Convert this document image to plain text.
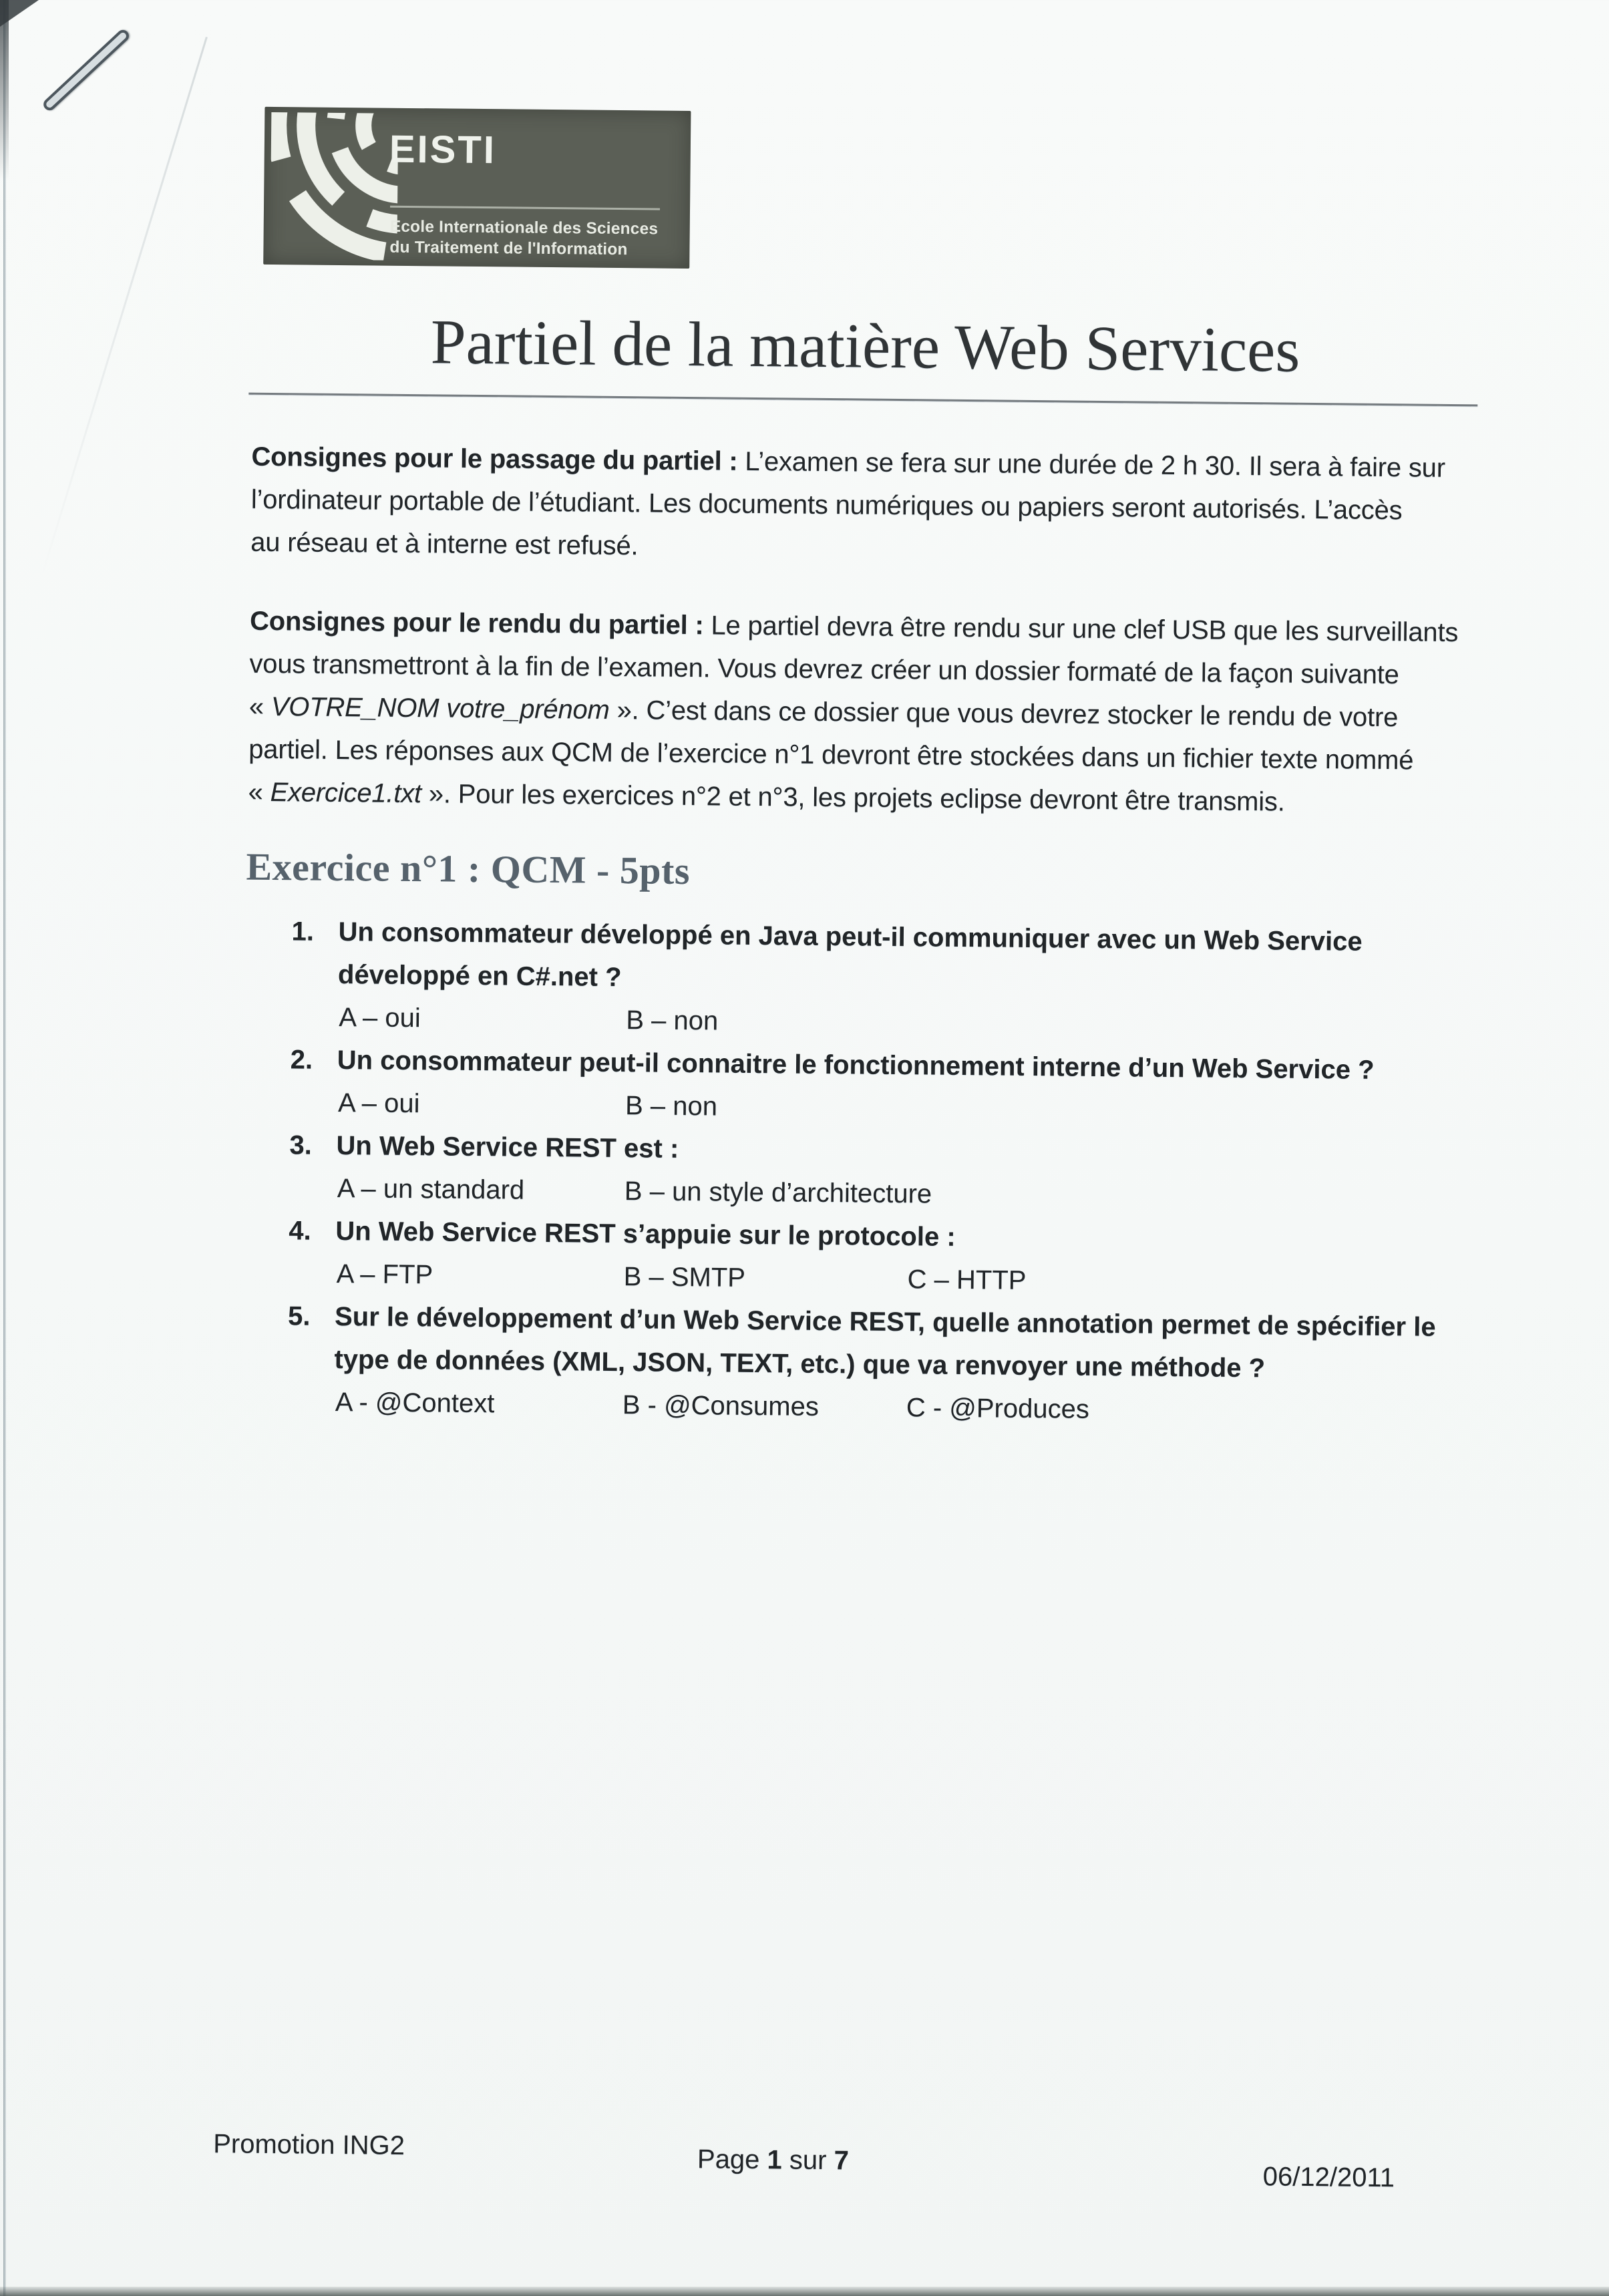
EISTI
Ecole Internationale des Sciences
du Traitement de l'Information
Partiel de la matière Web Services
Consignes pour le passage du partiel : L’examen se fera sur une durée de 2 h 30. Il sera à faire sur
l’ordinateur portable de l’étudiant. Les documents numériques ou papiers seront autorisés. L’accès
au réseau et à interne est refusé.
Consignes pour le rendu du partiel : Le partiel devra être rendu sur une clef USB que les surveillants
vous transmettront à la fin de l’examen. Vous devrez créer un dossier formaté de la façon suivante
« VOTRE_NOM votre_prénom ». C’est dans ce dossier que vous devrez stocker le rendu de votre
partiel. Les réponses aux QCM de l’exercice n°1 devront être stockées dans un fichier texte nommé
« Exercice1.txt ». Pour les exercices n°2 et n°3, les projets eclipse devront être transmis.
Exercice n°1 : QCM - 5pts
1. Un consommateur développé en Java peut-il communiquer avec un Web Service
développé en C#.net ?
A – oui	B – non
2. Un consommateur peut-il connaitre le fonctionnement interne d’un Web Service ?
A – oui	B – non
3. Un Web Service REST est :
A – un standard	B – un style d’architecture
4. Un Web Service REST s’appuie sur le protocole :
A – FTP	B – SMTP	C – HTTP
5. Sur le développement d’un Web Service REST, quelle annotation permet de spécifier le
type de données (XML, JSON, TEXT, etc.) que va renvoyer une méthode ?
A - @Context	B - @Consumes	C - @Produces
Promotion ING2	Page 1 sur 7
06/12/2011
